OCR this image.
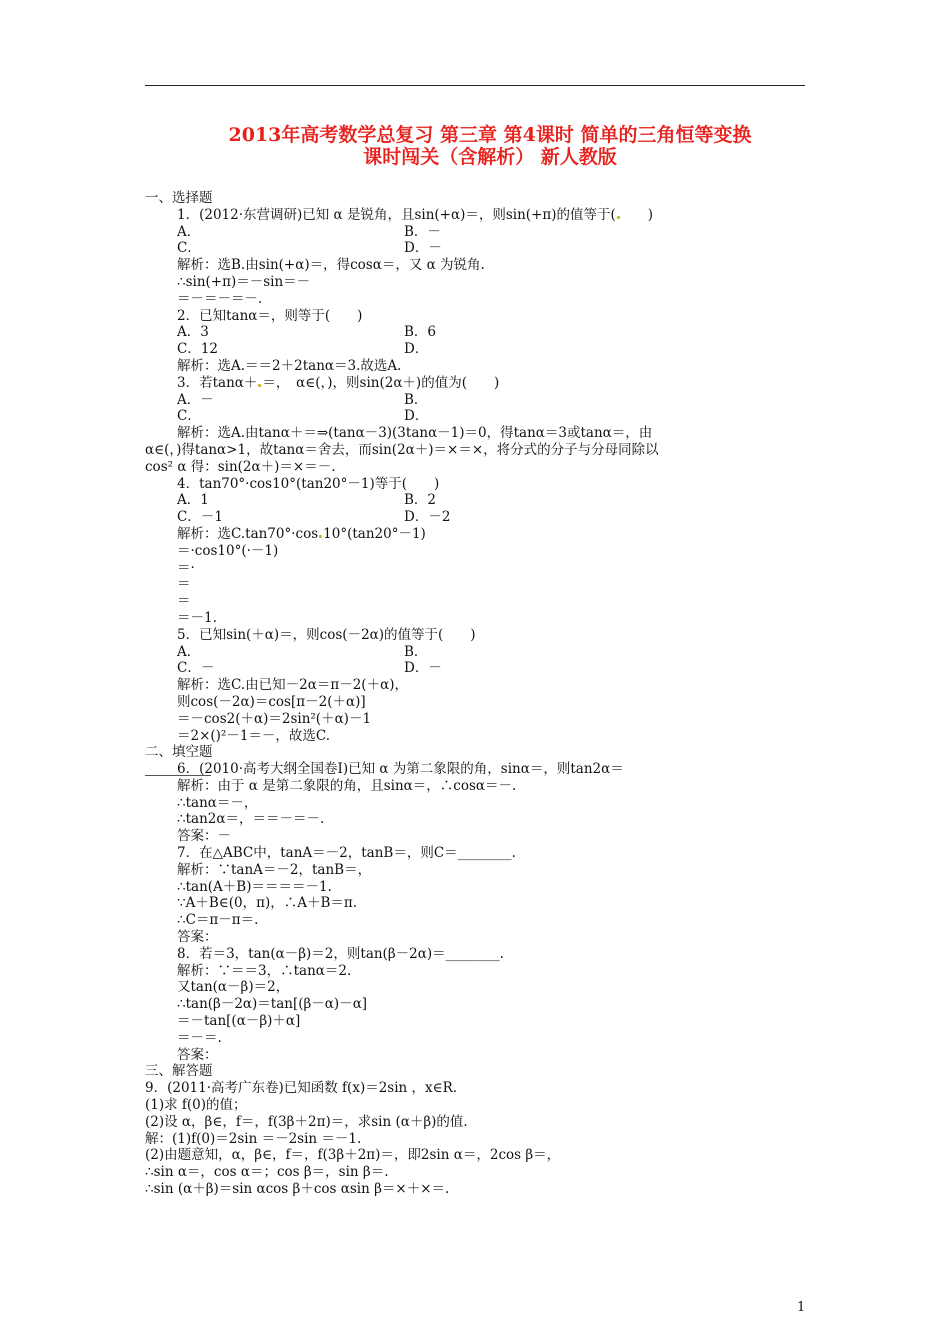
2013年高考数学总复习 第三章 第4课时 简单的三角恒等变换
课时闯关（含解析） 新人教版
一、选择题
1．(2012·东营调研)已知 α 是锐角，且sin(+α)＝，则sin(+π)的值等于(　　)
A．	B．－
C．	D．－
解析：选B.由sin(+α)＝，得cosα＝，又 α 为锐角.
∴sin(+π)＝－sin＝－
＝－＝－＝－.
2．已知tanα＝，则等于(　　)
A．3	B．6
C．12	D．
解析：选A.＝＝2＋2tanα＝3.故选A.
3．若tanα＋ ＝，　α∈(，)，则sin(2α＋)的值为(　　)
A．－	B．
C．	D．
解析：选A.由tanα＋＝⇒(tanα－3)(3tanα－1)＝0，得tanα＝3或tanα＝，由
α∈(，)得tanα>1，故tanα＝舍去，而sin(2α＋)＝×＝×，将分式的分子与分母同除以
cos² α 得：sin(2α＋)＝×＝－.
4．tan70°·cos10°(tan20°－1)等于(　　)
A．1	B．2
C．－1	D．－2
解析：选C.tan70°·cos 10°(tan20°－1)
＝·cos10°(·－1)
＝·
＝
＝
＝－1.
5．已知sin(＋α)＝，则cos(－2α)的值等于(　　)
A．	B．
C．－	D．－
解析：选C.由已知－2α＝π－2(＋α)，
则cos(－2α)＝cos[π－2(＋α)]
＝－cos2(＋α)＝2sin²(＋α)－1
＝2×()²－1＝－，故选C.
二、填空题
6．(2010·高考大纲全国卷Ⅰ)已知 α 为第二象限的角，sinα＝，则tan2α＝
解析：由于 α 是第二象限的角，且sinα＝，∴cosα＝－.
∴tanα＝－，
∴tan2α＝，＝＝－＝－.
答案：－
7．在△ABC中，tanA＝－2，tanB＝，则C＝________.
解析：∵tanA＝－2，tanB＝，
∴tan(A＋B)＝＝＝＝－1.
∵A＋B∈(0，π)，∴A＋B＝π.
∴C＝π－π＝.
答案：
8．若＝3，tan(α－β)＝2，则tan(β－2α)＝________.
解析：∵＝＝3，∴tanα＝2.
又tan(α－β)＝2，
∴tan(β－2α)＝tan[(β－α)－α]
＝－tan[(α－β)＋α]
＝－＝.
答案：
三、解答题
9．(2011·高考广东卷)已知函数 f(x)＝2sin ，x∈R.
(1)求 f(0)的值；
(2)设 α，β∈，f＝，f(3β＋2π)＝，求sin (α＋β)的值.
解：(1)f(0)＝2sin ＝－2sin ＝－1.
(2)由题意知，α，β∈，f＝，f(3β＋2π)＝，即2sin α＝，2cos β＝，
∴sin α＝，cos α＝；cos β＝，sin β＝.
∴sin (α＋β)＝sin αcos β＋cos αsin β＝×＋×＝.
1
